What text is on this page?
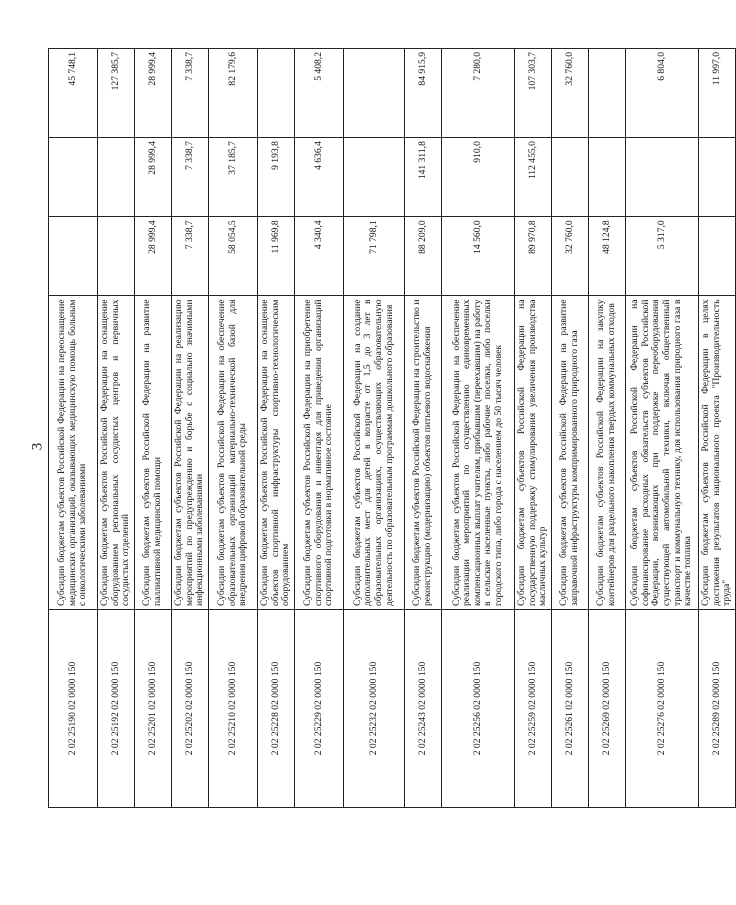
3
2 02 25190 02 0000 150	Субсидии бюджетам субъектов Российской Федерации на переоснащение медицинских организаций, оказывающих медицинскую помощь больным с онкологическими заболеваниями			45 748,1
2 02 25192 02 0000 150	Субсидии бюджетам субъектов Российской Федерации на оснащение оборудованием региональных сосудистых центров и первичных сосудистых отделений			127 385,7
2 02 25201 02 0000 150	Субсидии бюджетам субъектов Российской Федерации на развитие паллиативной медицинской помощи	28 999,4	28 999,4	28 999,4
2 02 25202 02 0000 150	Субсидии бюджетам субъектов Российской Федерации на реализацию мероприятий по предупреждению и борьбе с социально значимыми инфекционными заболеваниями	7 338,7	7 338,7	7 338,7
2 02 25210 02 0000 150	Субсидии бюджетам субъектов Российской Федерации на обеспечение образовательных организаций материально-технической базой для внедрения цифровой образовательной среды	58 054,5	37 185,7	82 179,6
2 02 25228 02 0000 150	Субсидии бюджетам субъектов Российской Федерации на оснащение объектов спортивной инфраструктуры спортивно-технологическим оборудованием	11 969,8	9 193,8	
2 02 25229 02 0000 150	Субсидии бюджетам субъектов Российской Федерации на приобретение спортивного оборудования и инвентаря для приведения организаций спортивной подготовки в нормативное состояние	4 340,4	4 636,4	5 408,2
2 02 25232 02 0000 150	Субсидии бюджетам субъектов Российской Федерации на создание дополнительных мест для детей в возрасте от 1,5 до 3 лет в образовательных организациях, осуществляющих образовательную деятельность по образовательным программам дошкольного образования	71 798,1		
2 02 25243 02 0000 150	Субсидии бюджетам субъектов Российской Федерации на строительство и реконструкцию (модернизацию) объектов питьевого водоснабжения	88 209,0	141 311,8	84 915,9
2 02 25256 02 0000 150	Субсидии бюджетам субъектов Российской Федерации на обеспечение реализации мероприятий по осуществлению единовременных компенсационных выплат учителям, прибывшим (переехавшим) на работу в сельские населенные пункты, либо рабочие поселки, либо поселки городского типа, либо города с населением до 50 тысяч человек	14 560,0	910,0	7 280,0
2 02 25259 02 0000 150	Субсидии бюджетам субъектов Российской Федерации на государственную поддержку стимулирования увеличения производства масличных культур	89 970,8	112 455,0	107 303,7
2 02 25261 02 0000 150	Субсидии бюджетам субъектов Российской Федерации на развитие заправочной инфраструктуры компримированного природного газа	32 760,0		32 760,0
2 02 25269 02 0000 150	Субсидии бюджетам субъектов Российской Федерации на закупку контейнеров для раздельного накопления твердых коммунальных отходов	48 124,8		
2 02 25276 02 0000 150	Субсидии бюджетам субъектов Российской Федерации на софинансирование расходных обязательств субъектов Российской Федерации, возникающих при поддержке переоборудования существующей автомобильной техники, включая общественный транспорт и коммунальную технику, для использования природного газа в качестве топлива	5 317,0		6 804,0
2 02 25289 02 0000 150	Субсидии бюджетам субъектов Российской Федерации в целях достижения результатов национального проекта "Производительность труда"			11 997,0
